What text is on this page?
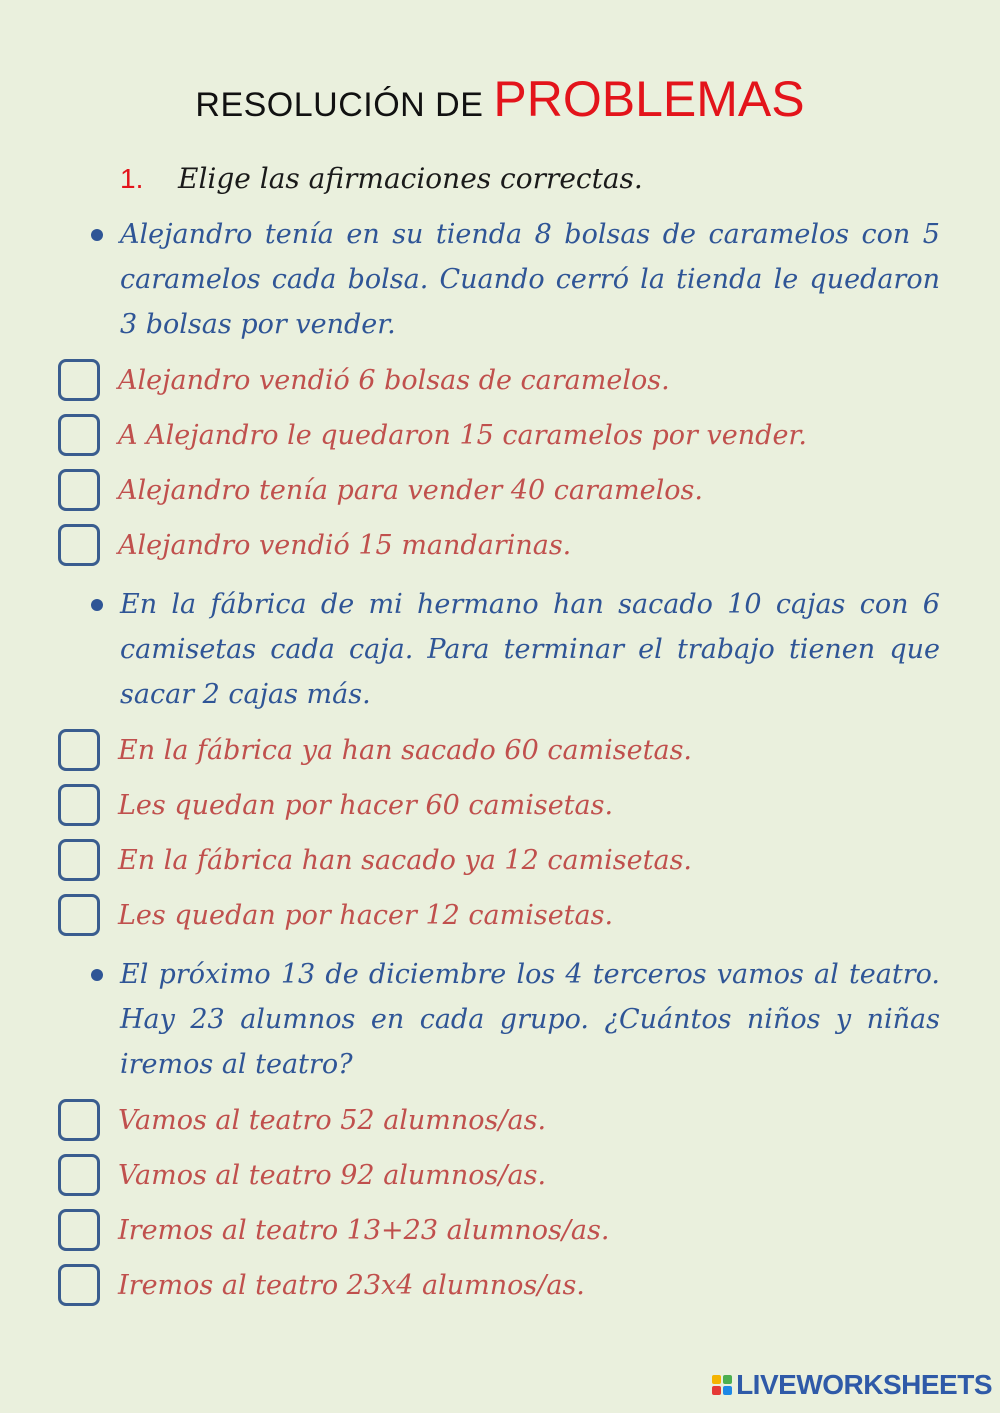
RESOLUCIÓN DE PROBLEMAS
1. Elige las afirmaciones correctas.
Alejandro tenía en su tienda 8 bolsas de caramelos con 5 caramelos cada bolsa. Cuando cerró la tienda le quedaron 3 bolsas por vender.
Alejandro vendió 6 bolsas de caramelos.
A Alejandro le quedaron 15 caramelos por vender.
Alejandro tenía para vender 40 caramelos.
Alejandro vendió 15 mandarinas.
En la fábrica de mi hermano han sacado 10 cajas con 6 camisetas cada caja. Para terminar el trabajo tienen que sacar 2 cajas más.
En la fábrica ya han sacado 60 camisetas.
Les quedan por hacer 60 camisetas.
En la fábrica han sacado ya 12 camisetas.
Les quedan por hacer 12 camisetas.
El próximo 13 de diciembre los 4 terceros vamos al teatro. Hay 23 alumnos en cada grupo. ¿Cuántos niños y niñas iremos al teatro?
Vamos al teatro 52 alumnos/as.
Vamos al teatro 92 alumnos/as.
Iremos al teatro 13+23 alumnos/as.
Iremos al teatro 23x4 alumnos/as.
LIVEWORKSHEETS
